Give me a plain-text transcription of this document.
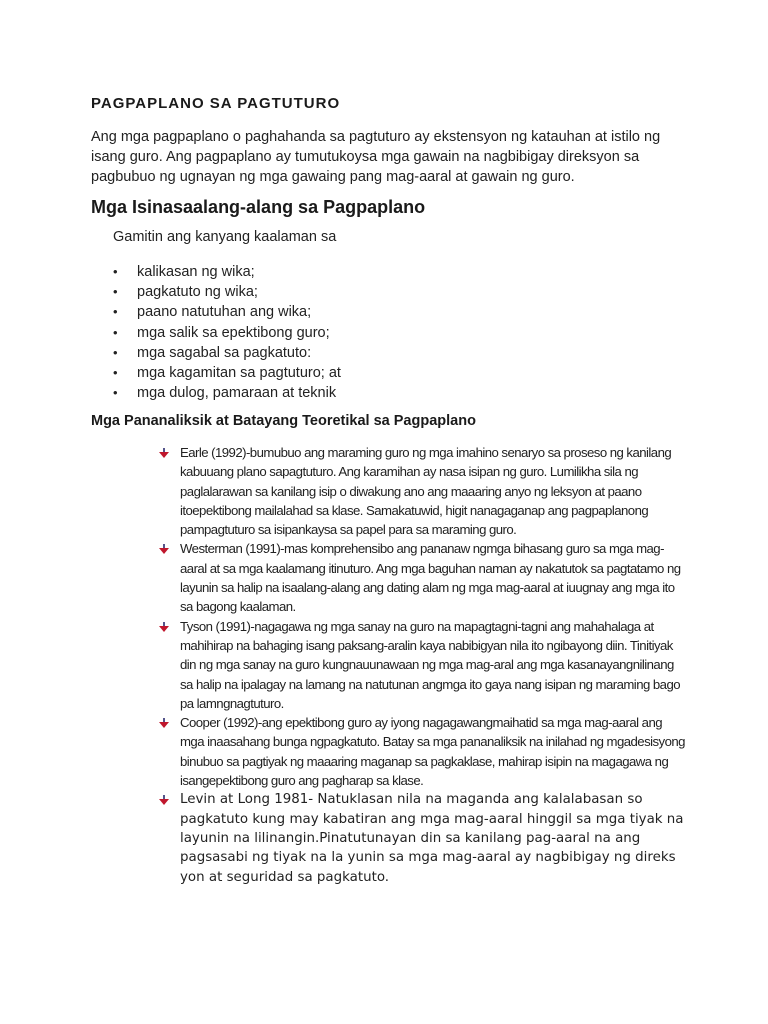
PAGPAPLANO SA PAGTUTURO

Ang mga pagpaplano o paghahanda sa pagtuturo ay ekstensyon ng katauhan at istilo ng isang guro. Ang pagpaplano ay tumutukoysa mga gawain na nagbibigay direksyon sa pagbubuo ng ugnayan ng mga gawaing pang mag-aaral at gawain ng guro.

Mga Isinasaalang-alang sa Pagpaplano

Gamitin ang kanyang kaalaman sa

•	kalikasan ng wika;
•	pagkatuto ng wika;
•	paano natutuhan ang wika;
•	mga salik sa epektibong guro;
•	mga sagabal sa pagkatuto:
•	mga kagamitan sa pagtuturo; at
•	mga dulog, pamaraan at teknik
Mga Pananaliksik at Batayang Teoretikal sa Pagpaplano
Earle (1992)-bumubuo ang maraming guro ng mga imahino senaryo sa proseso ng kanilang kabuuang plano sapagtuturo. Ang karamihan ay nasa isipan ng guro. Lumilikha sila ng paglalarawan sa kanilang isip o diwakung ano ang maaaring anyo ng leksyon at paano itoepektibong mailalahad sa klase. Samakatuwid, higit nanagaganap ang pagpaplanong pampagtuturo sa isipankaysa sa papel para sa maraming guro.
Westerman (1991)-mas komprehensibo ang pananaw ngmga bihasang guro sa mga mag-aaral at sa mga kaalamang itinuturo. Ang mga baguhan naman ay nakatutok sa pagtatamo ng layunin sa halip na isaalang-alang ang dating alam ng mga mag-aaral at iuugnay ang mga ito sa bagong kaalaman.
Tyson (1991)-nagagawa ng mga sanay na guro na mapagtagni-tagni ang mahahalaga at mahihirap na bahaging isang paksang-aralin kaya nabibigyan nila ito ngibayong diin. Tinitiyak din ng mga sanay na guro kungnauunawaan ng mga mag-aral ang mga kasanayangnilinang sa halip na ipalagay na lamang na natutunan angmga ito gaya nang isipan ng maraming bago pa lamngnagtuturo.
Cooper (1992)-ang epektibong guro ay iyong nagagawangmaihatid sa mga mag-aaral ang mga inaasahang bunga ngpagkatuto. Batay sa mga pananaliksik na inilahad ng mgadesisyong binubuo sa pagtiyak ng maaaring maganap sa pagkaklase, mahirap isipin na magagawa ng isangepektibong guro ang pagharap sa klase.
Levin at Long 1981- Natuklasan nila na maganda ang kalalabasan so pagkatuto kung may kabatiran ang mga mag-aaral hinggil sa mga tiyak na layunin na lilinangin.Pinatutunayan din sa kanilang pag-aaral na ang pagsasabi ng tiyak na la yunin sa mga mag-aaral ay nagbibigay ng direks yon at seguridad sa pagkatuto.
